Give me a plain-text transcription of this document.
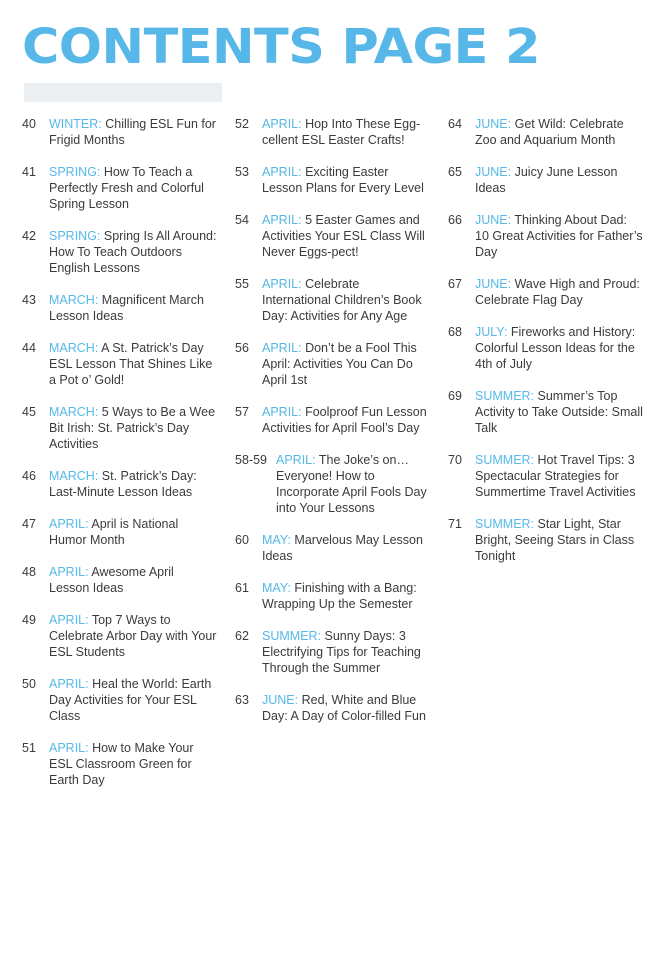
CONTENTS PAGE 2
40	WINTER: Chilling ESL Fun for Frigid Months
41	SPRING: How To Teach a Perfectly Fresh and Colorful Spring Lesson
42	SPRING: Spring Is All Around: How To Teach Outdoors English Lessons
43	MARCH: Magnificent March Lesson Ideas
44	MARCH: A St. Patrick’s Day ESL Lesson That Shines Like a Pot o’ Gold!
45	MARCH: 5 Ways to Be a Wee Bit Irish: St. Patrick’s Day Activities
46	MARCH: St. Patrick’s Day: Last-Minute Lesson Ideas
47	APRIL: April is National Humor Month
48	APRIL: Awesome April Lesson Ideas
49	APRIL: Top 7 Ways to Celebrate Arbor Day with Your ESL Students
50	APRIL: Heal the World: Earth Day Activities for Your ESL Class
51	APRIL: How to Make Your ESL Classroom Green for Earth Day
52	APRIL: Hop Into These Egg-cellent ESL Easter Crafts!
53	APRIL: Exciting Easter Lesson Plans for Every Level
54	APRIL: 5 Easter Games and Activities Your ESL Class Will Never Eggs-pect!
55	APRIL: Celebrate International Children’s Book Day: Activities for Any Age
56	APRIL: Don’t be a Fool This April: Activities You Can Do April 1st
57	APRIL: Foolproof Fun Lesson Activities for April Fool’s Day
58-59 APRIL: The Joke’s on… Everyone! How to Incorporate April Fools Day into Your Lessons
60	MAY: Marvelous May Lesson Ideas
61	MAY: Finishing with a Bang: Wrapping Up the Semester
62	SUMMER: Sunny Days: 3 Electrifying Tips for Teaching Through the Summer
63	JUNE: Red, White and Blue Day: A Day of Color-filled Fun
64	JUNE: Get Wild: Celebrate Zoo and Aquarium Month
65	JUNE: Juicy June Lesson Ideas
66	JUNE: Thinking About Dad: 10 Great Activities for Father’s Day
67	JUNE: Wave High and Proud: Celebrate Flag Day
68	JULY: Fireworks and History: Colorful Lesson Ideas for the 4th of July
69	SUMMER: Summer’s Top Activity to Take Outside: Small Talk
70	SUMMER: Hot Travel Tips: 3 Spectacular Strategies for Summertime Travel Activities
71	SUMMER: Star Light, Star Bright, Seeing Stars in Class Tonight
